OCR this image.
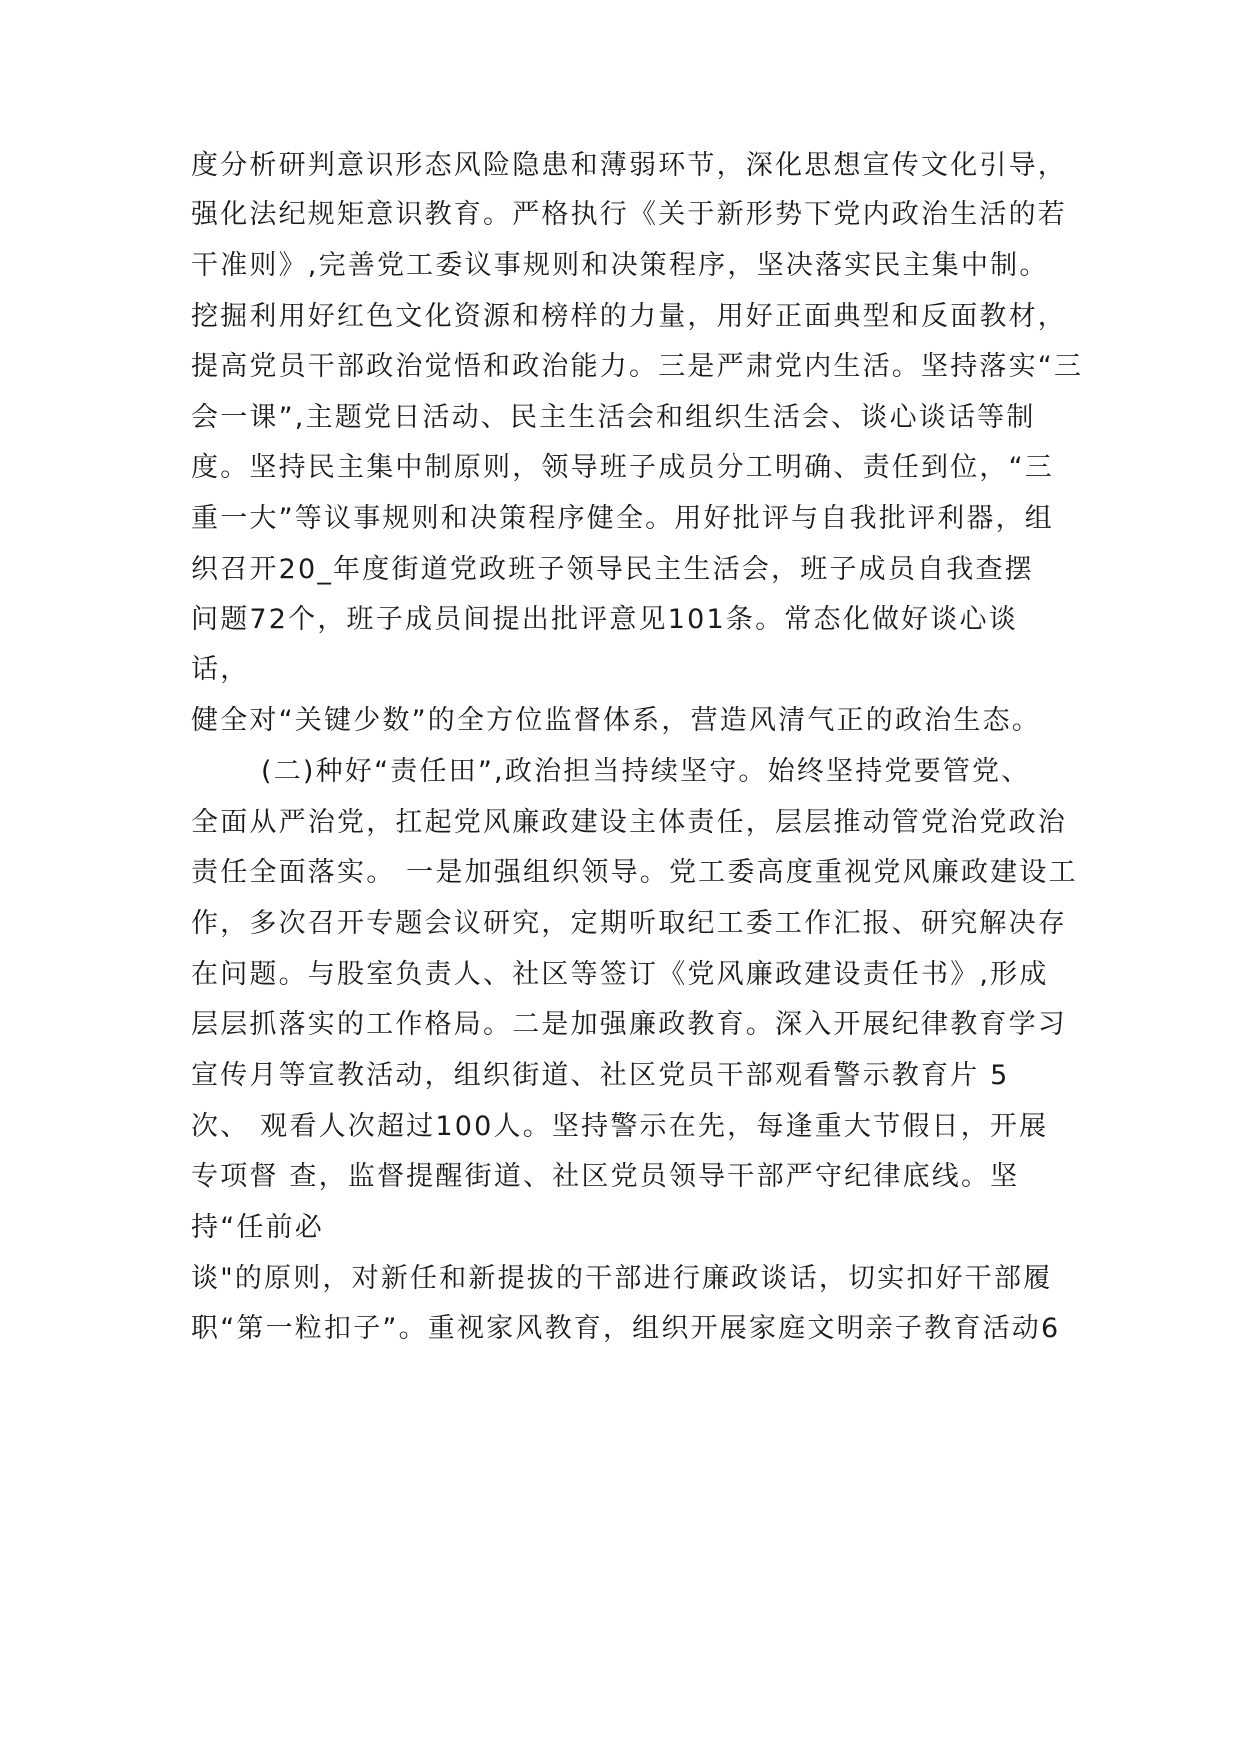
度分析研判意识形态风险隐患和薄弱环节，深化思想宣传文化引导，
强化法纪规矩意识教育。严格执行《关于新形势下党内政治生活的若
干准则》,完善党工委议事规则和决策程序，坚决落实民主集中制。
挖掘利用好红色文化资源和榜样的力量，用好正面典型和反面教材，
提高党员干部政治觉悟和政治能力。三是严肃党内生活。坚持落实“三
会一课”,主题党日活动、民主生活会和组织生活会、谈心谈话等制
度。坚持民主集中制原则，领导班子成员分工明确、责任到位，“三
重一大”等议事规则和决策程序健全。用好批评与自我批评利器，组
织召开20_年度街道党政班子领导民主生活会，班子成员自我查摆
问题72个，班子成员间提出批评意见101条。常态化做好谈心谈
话，
健全对“关键少数”的全方位监督体系，营造风清气正的政治生态。
(二)种好“责任田”,政治担当持续坚守。始终坚持党要管党、
全面从严治党，扛起党风廉政建设主体责任，层层推动管党治党政治
责任全面落实。 一是加强组织领导。党工委高度重视党风廉政建设工
作，多次召开专题会议研究，定期听取纪工委工作汇报、研究解决存
在问题。与股室负责人、社区等签订《党风廉政建设责任书》,形成
层层抓落实的工作格局。二是加强廉政教育。深入开展纪律教育学习
宣传月等宣教活动，组织街道、社区党员干部观看警示教育片 5
次、 观看人次超过100人。坚持警示在先，每逢重大节假日，开展
专项督 查，监督提醒街道、社区党员领导干部严守纪律底线。坚
持“任前必
谈"的原则，对新任和新提拔的干部进行廉政谈话，切实扣好干部履
职“第一粒扣子”。重视家风教育，组织开展家庭文明亲子教育活动6
